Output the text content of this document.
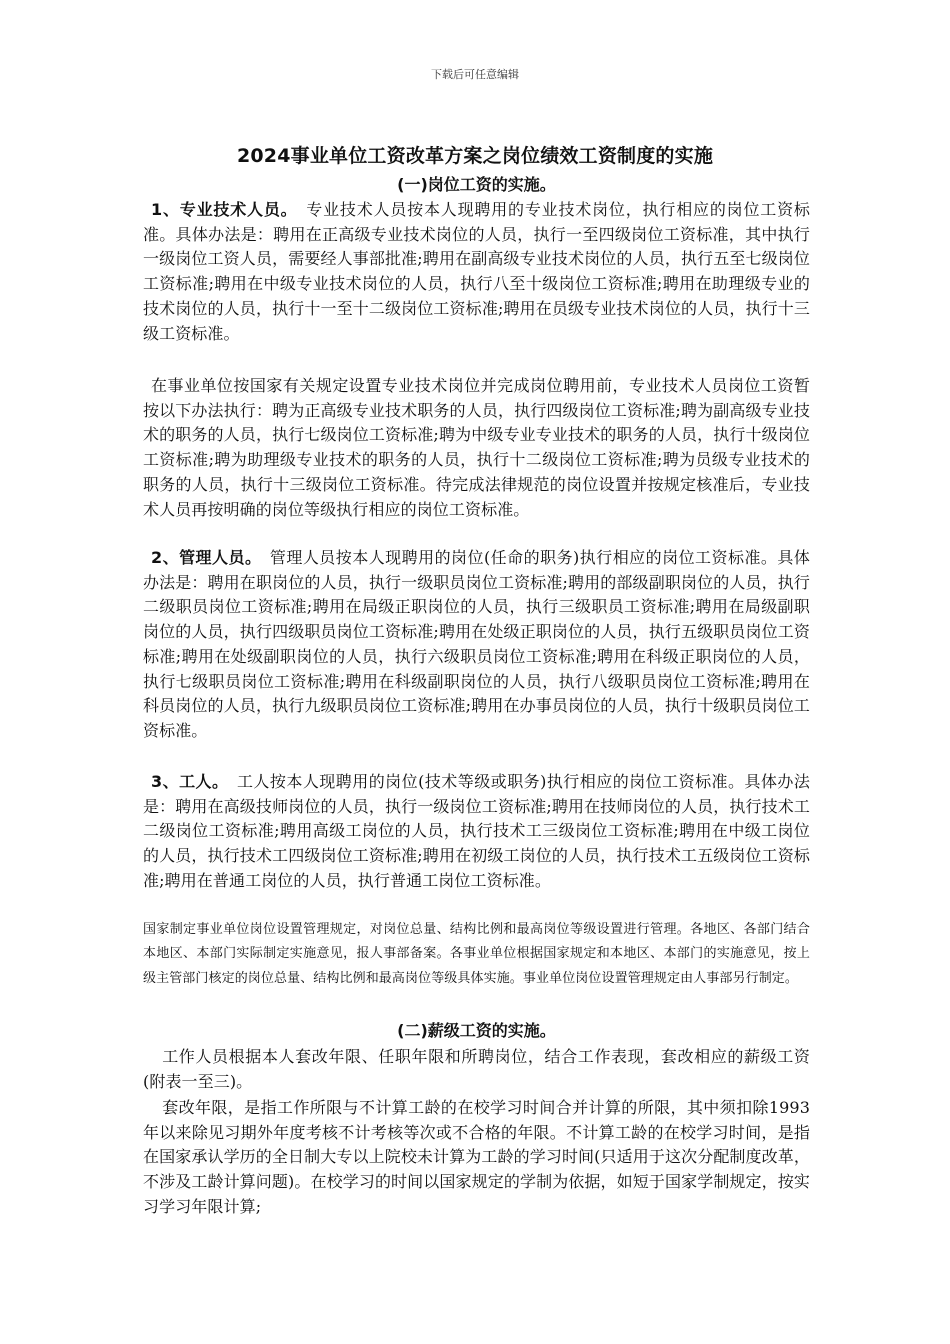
下载后可任意编辑
2024事业单位工资改革方案之岗位绩效工资制度的实施

(一)岗位工资的实施。

1、专业技术人员。　专业技术人员按本人现聘用的专业技术岗位，执行相应的岗位工资标准。具体办法是：聘用在正高级专业技术岗位的人员，执行一至四级岗位工资标准，其中执行一级岗位工资人员，需要经人事部批准;聘用在副高级专业技术岗位的人员，执行五至七级岗位工资标准;聘用在中级专业技术岗位的人员，执行八至十级岗位工资标准;聘用在助理级专业的技术岗位的人员，执行十一至十二级岗位工资标准;聘用在员级专业技术岗位的人员，执行十三级工资标准。

在事业单位按国家有关规定设置专业技术岗位并完成岗位聘用前，专业技术人员岗位工资暂按以下办法执行：聘为正高级专业技术职务的人员，执行四级岗位工资标准;聘为副高级专业技术的职务的人员，执行七级岗位工资标准;聘为中级专业专业技术的职务的人员，执行十级岗位工资标准;聘为助理级专业技术的职务的人员，执行十二级岗位工资标准;聘为员级专业技术的职务的人员，执行十三级岗位工资标准。待完成法律规范的岗位设置并按规定核准后，专业技术人员再按明确的岗位等级执行相应的岗位工资标准。

2、管理人员。　管理人员按本人现聘用的岗位(任命的职务)执行相应的岗位工资标准。具体办法是：聘用在职岗位的人员，执行一级职员岗位工资标准;聘用的部级副职岗位的人员，执行二级职员岗位工资标准;聘用在局级正职岗位的人员，执行三级职员工资标准;聘用在局级副职岗位的人员，执行四级职员岗位工资标准;聘用在处级正职岗位的人员，执行五级职员岗位工资标准;聘用在处级副职岗位的人员，执行六级职员岗位工资标准;聘用在科级正职岗位的人员，执行七级职员岗位工资标准;聘用在科级副职岗位的人员，执行八级职员岗位工资标准;聘用在科员岗位的人员，执行九级职员岗位工资标准;聘用在办事员岗位的人员，执行十级职员岗位工资标准。

3、工人。　工人按本人现聘用的岗位(技术等级或职务)执行相应的岗位工资标准。具体办法是：聘用在高级技师岗位的人员，执行一级岗位工资标准;聘用在技师岗位的人员，执行技术工二级岗位工资标准;聘用高级工岗位的人员，执行技术工三级岗位工资标准;聘用在中级工岗位的人员，执行技术工四级岗位工资标准;聘用在初级工岗位的人员，执行技术工五级岗位工资标准;聘用在普通工岗位的人员，执行普通工岗位工资标准。

国家制定事业单位岗位设置管理规定，对岗位总量、结构比例和最高岗位等级设置进行管理。各地区、各部门结合本地区、本部门实际制定实施意见，报人事部备案。各事业单位根据国家规定和本地区、本部门的实施意见，按上级主管部门核定的岗位总量、结构比例和最高岗位等级具体实施。事业单位岗位设置管理规定由人事部另行制定。

(二)薪级工资的实施。

工作人员根据本人套改年限、任职年限和所聘岗位，结合工作表现，套改相应的薪级工资(附表一至三)。

套改年限，是指工作所限与不计算工龄的在校学习时间合并计算的所限，其中须扣除1993年以来除见习期外年度考核不计考核等次或不合格的年限。不计算工龄的在校学习时间，是指在国家承认学历的全日制大专以上院校未计算为工龄的学习时间(只适用于这次分配制度改革，不涉及工龄计算问题)。在校学习的时间以国家规定的学制为依据，如短于国家学制规定，按实习学习年限计算;
